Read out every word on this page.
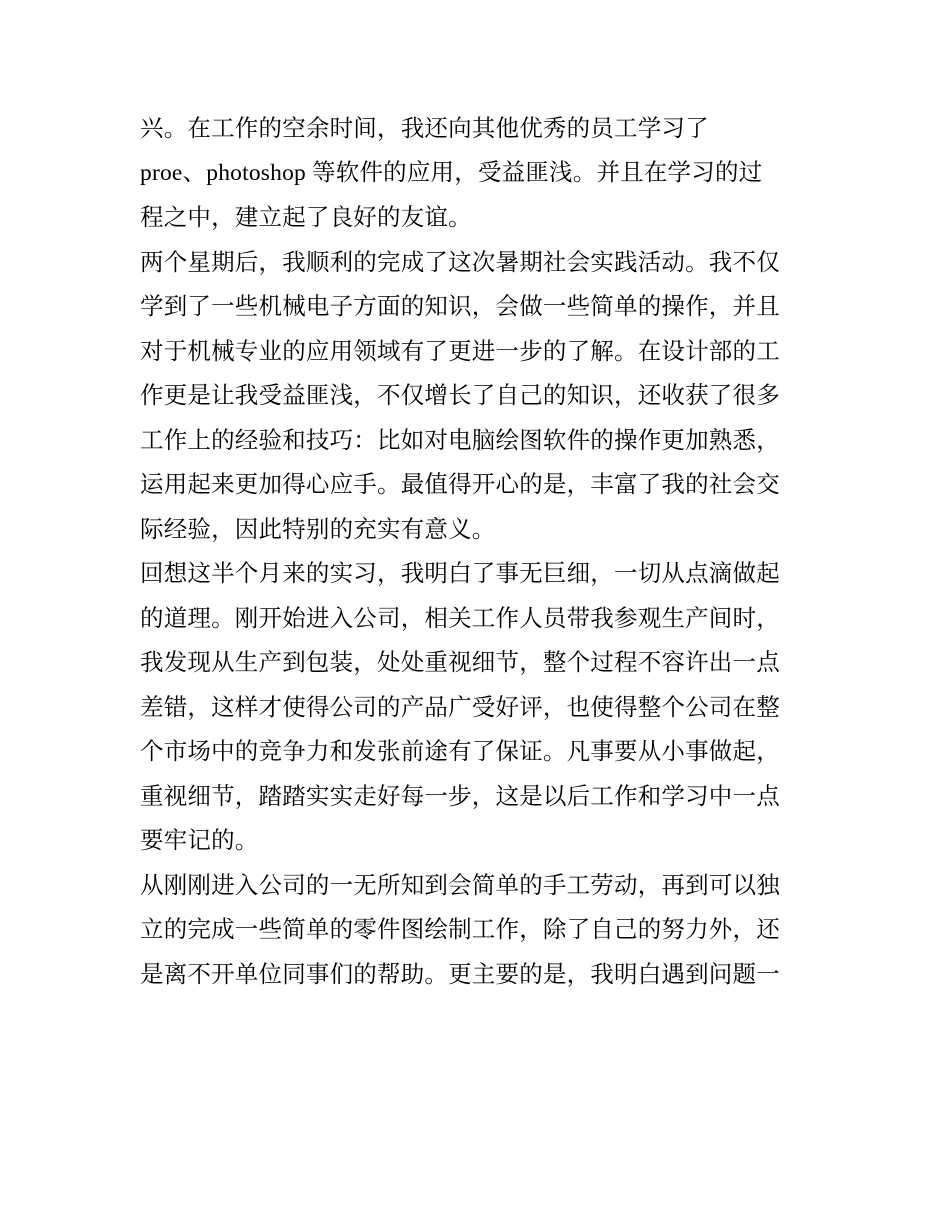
兴。在工作的空余时间，我还向其他优秀的员工学习了
proe、photoshop 等软件的应用，受益匪浅。并且在学习的过
程之中，建立起了良好的友谊。
两个星期后，我顺利的完成了这次暑期社会实践活动。我不仅
学到了一些机械电子方面的知识，会做一些简单的操作，并且
对于机械专业的应用领域有了更进一步的了解。在设计部的工
作更是让我受益匪浅，不仅增长了自己的知识，还收获了很多
工作上的经验和技巧：比如对电脑绘图软件的操作更加熟悉，
运用起来更加得心应手。最值得开心的是，丰富了我的社会交
际经验，因此特别的充实有意义。
回想这半个月来的实习，我明白了事无巨细，一切从点滴做起
的道理。刚开始进入公司，相关工作人员带我参观生产间时，
我发现从生产到包装，处处重视细节，整个过程不容许出一点
差错，这样才使得公司的产品广受好评，也使得整个公司在整
个市场中的竞争力和发张前途有了保证。凡事要从小事做起，
重视细节，踏踏实实走好每一步，这是以后工作和学习中一点
要牢记的。
从刚刚进入公司的一无所知到会简单的手工劳动，再到可以独
立的完成一些简单的零件图绘制工作，除了自己的努力外，还
是离不开单位同事们的帮助。更主要的是，我明白遇到问题一
